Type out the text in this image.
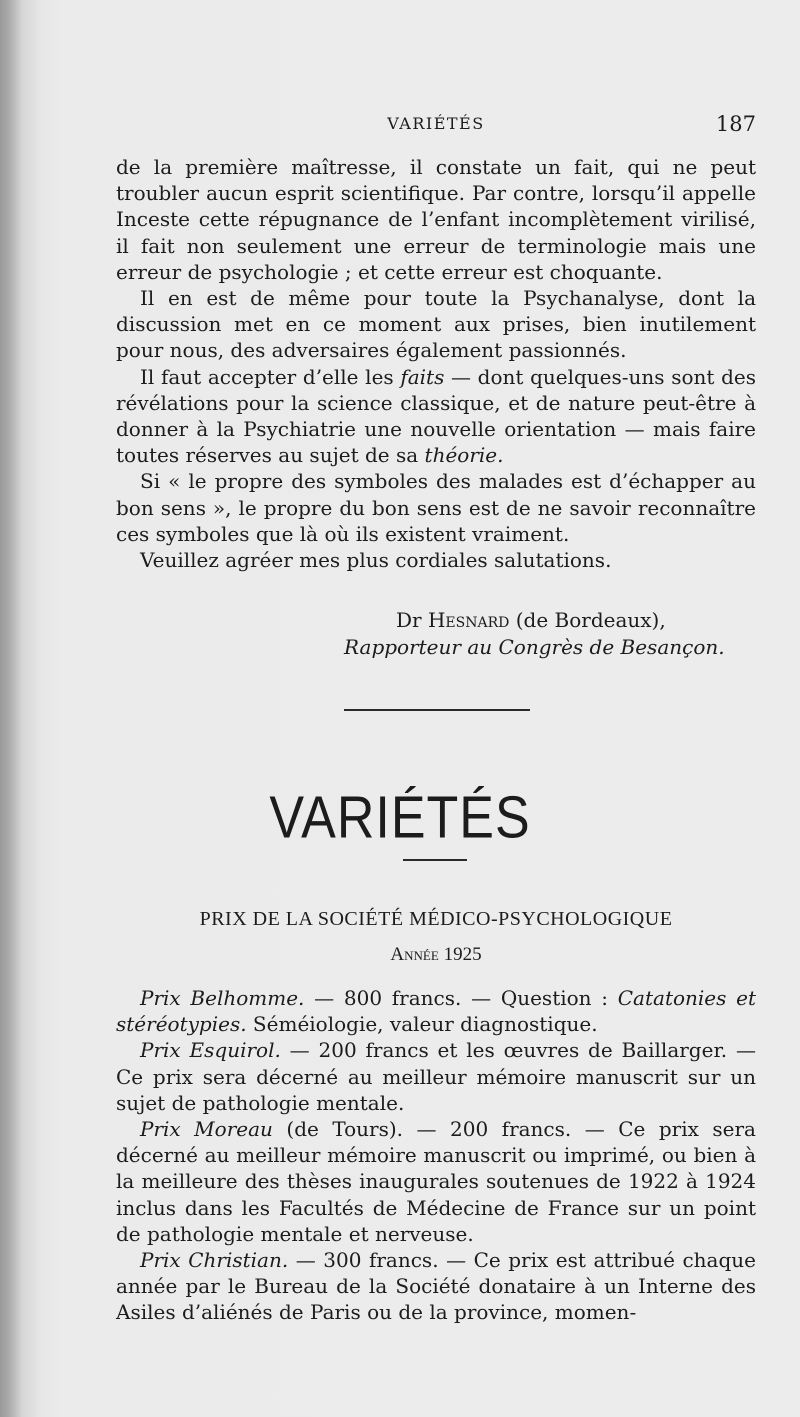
VARIÉTÉS	187

de la première maîtresse, il constate un fait, qui ne peut troubler aucun esprit scientifique. Par contre, lorsqu’il appelle Inceste cette répugnance de l’enfant incomplètement virilisé, il fait non seulement une erreur de terminologie mais une erreur de psychologie ; et cette erreur est choquante.

Il en est de même pour toute la Psychanalyse, dont la discussion met en ce moment aux prises, bien inutilement pour nous, des adversaires également passionnés.

Il faut accepter d’elle les faits — dont quelques-uns sont des révélations pour la science classique, et de nature peut-être à donner à la Psychiatrie une nouvelle orientation — mais faire toutes réserves au sujet de sa théorie.

Si « le propre des symboles des malades est d’échapper au bon sens », le propre du bon sens est de ne savoir reconnaître ces symboles que là où ils existent vraiment.

Veuillez agréer mes plus cordiales salutations.

Dr Hesnard (de Bordeaux),
Rapporteur au Congrès de Besançon.
VARIÉTÉS
PRIX DE LA SOCIÉTÉ MÉDICO-PSYCHOLOGIQUE
Année 1925

Prix Belhomme. — 800 francs. — Question : Catatonies et stéréotypies. Séméiologie, valeur diagnostique.

Prix Esquirol. — 200 francs et les œuvres de Baillarger. — Ce prix sera décerné au meilleur mémoire manuscrit sur un sujet de pathologie mentale.

Prix Moreau (de Tours). — 200 francs. — Ce prix sera décerné au meilleur mémoire manuscrit ou imprimé, ou bien à la meilleure des thèses inaugurales soutenues de 1922 à 1924 inclus dans les Facultés de Médecine de France sur un point de pathologie mentale et nerveuse.

Prix Christian. — 300 francs. — Ce prix est attribué chaque année par le Bureau de la Société donataire à un Interne des Asiles d’aliénés de Paris ou de la province, momen-
